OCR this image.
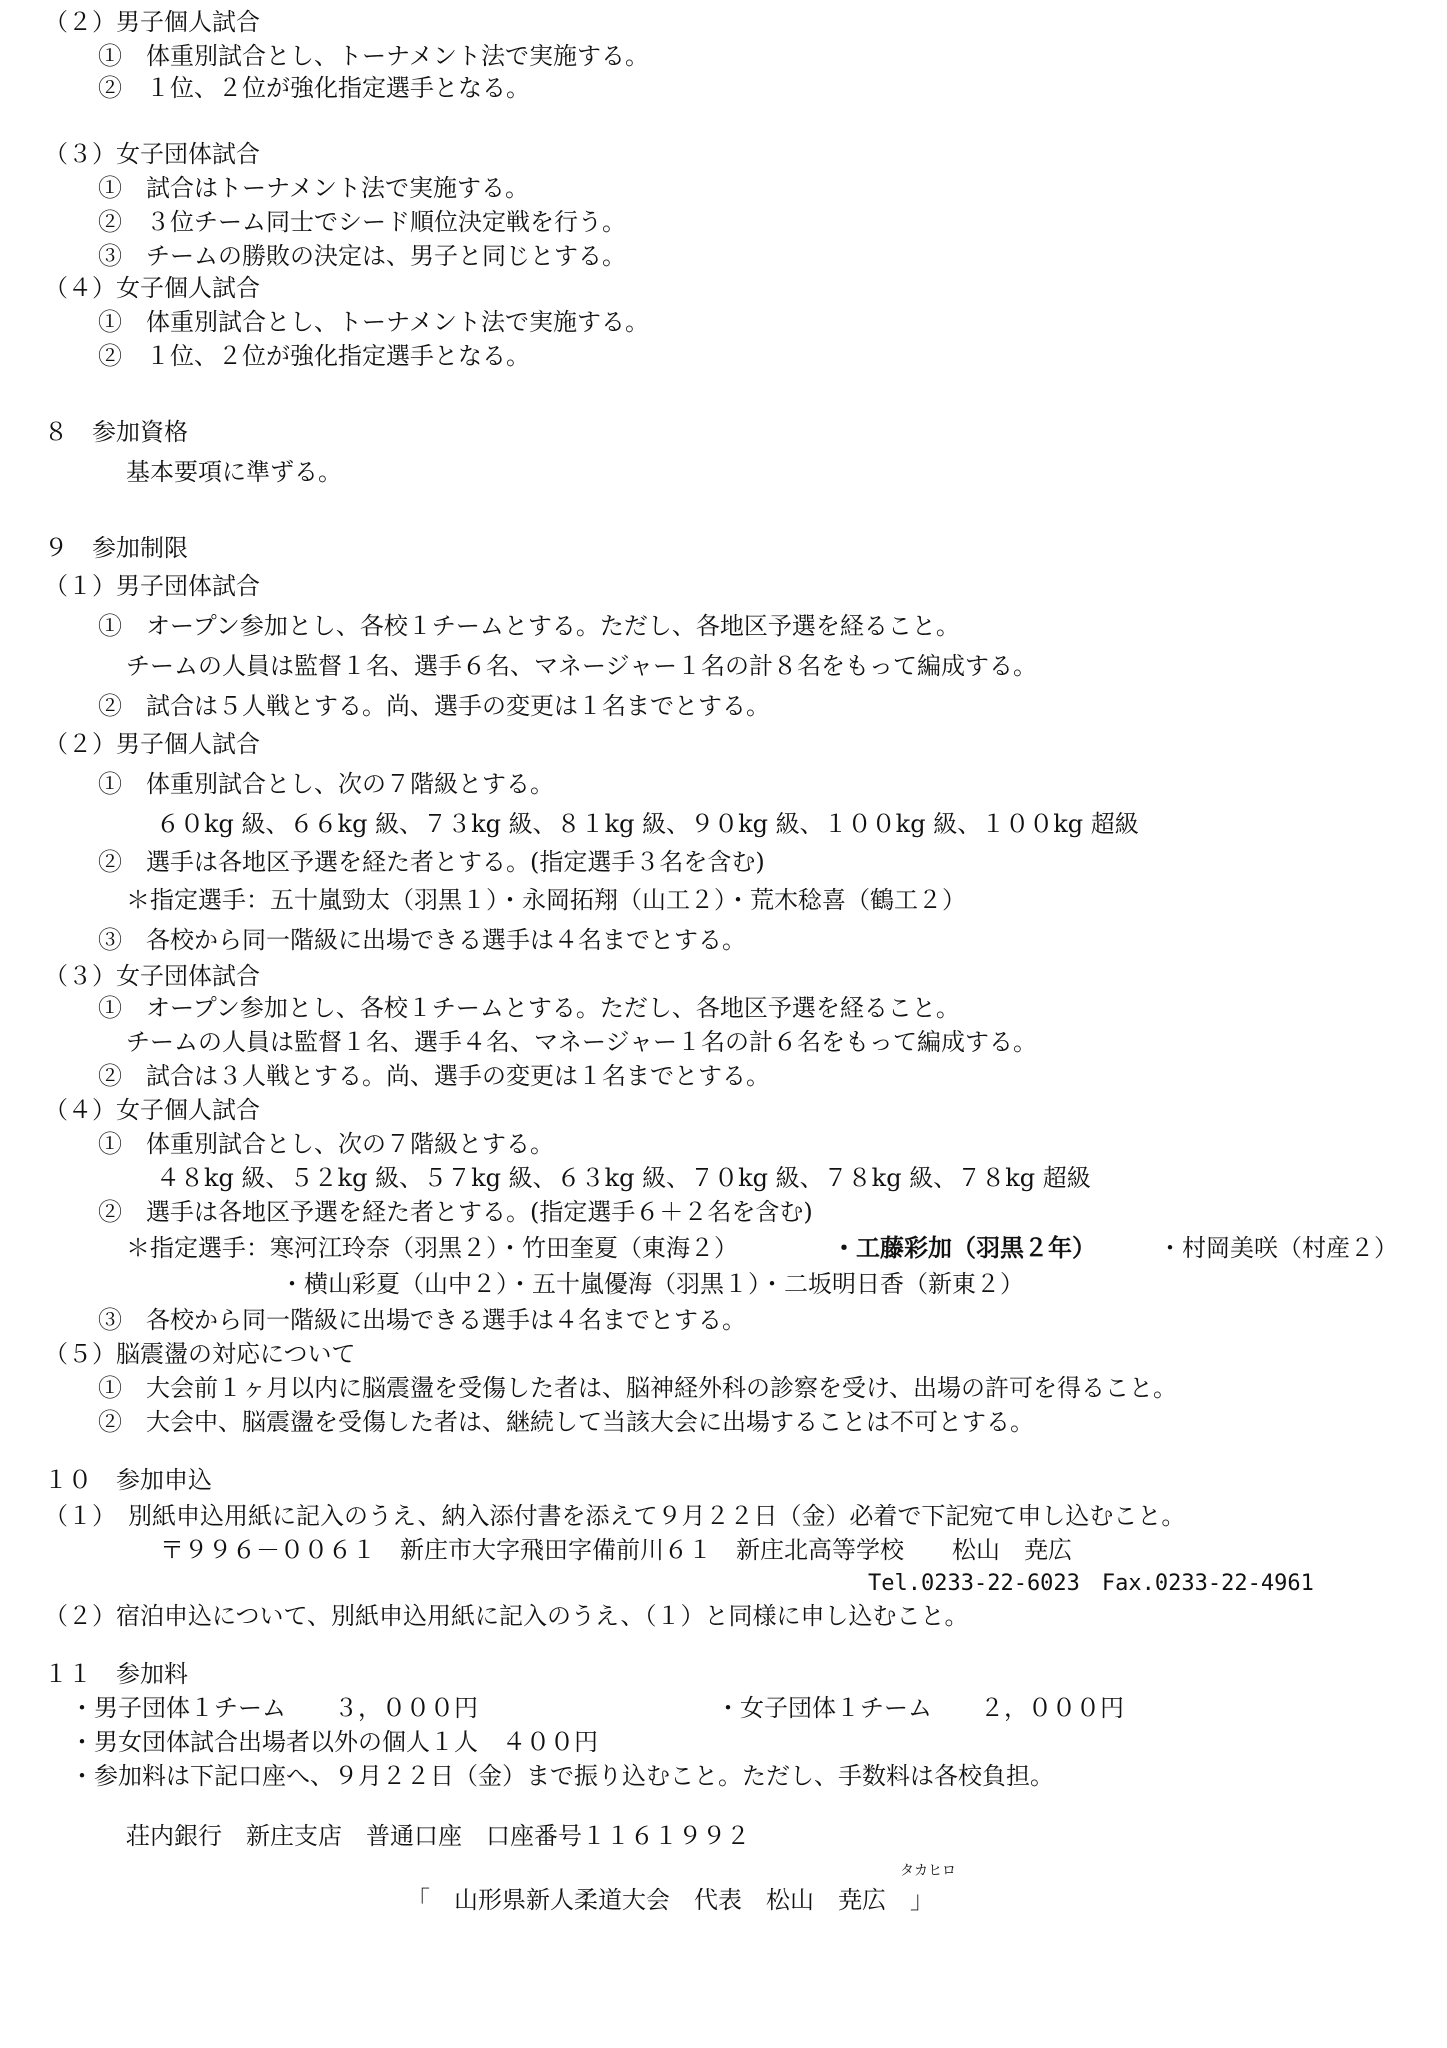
（２）男子個人試合
①　体重別試合とし、トーナメント法で実施する。
②　１位、２位が強化指定選手となる。
（３）女子団体試合
①　試合はトーナメント法で実施する。
②　３位チーム同士でシード順位決定戦を行う。
③　チームの勝敗の決定は、男子と同じとする。
（４）女子個人試合
①　体重別試合とし、トーナメント法で実施する。
②　１位、２位が強化指定選手となる。
８　参加資格
基本要項に準ずる。
９　参加制限
（１）男子団体試合
①　オープン参加とし、各校１チームとする。ただし、各地区予選を経ること。
チームの人員は監督１名、選手６名、マネージャー１名の計８名をもって編成する。
②　試合は５人戦とする。尚、選手の変更は１名までとする。
（２）男子個人試合
①　体重別試合とし、次の７階級とする。
６０kg 級、６６kg 級、７３kg 級、８１kg 級、９０kg 級、１００kg 級、１００kg 超級
②　選手は各地区予選を経た者とする。(指定選手３名を含む)
＊指定選手：五十嵐勁太（羽黒１）・永岡拓翔（山工２）・荒木稔喜（鶴工２）
③　各校から同一階級に出場できる選手は４名までとする。
（３）女子団体試合
①　オープン参加とし、各校１チームとする。ただし、各地区予選を経ること。
チームの人員は監督１名、選手４名、マネージャー１名の計６名をもって編成する。
②　試合は３人戦とする。尚、選手の変更は１名までとする。
（４）女子個人試合
①　体重別試合とし、次の７階級とする。
４８kg 級、５２kg 級、５７kg 級、６３kg 級、７０kg 級、７８kg 級、７８kg 超級
②　選手は各地区予選を経た者とする。(指定選手６＋２名を含む)
＊指定選手：寒河江玲奈（羽黒２）・竹田奎夏（東海２）	・工藤彩加（羽黒２年）	・村岡美咲（村産２）
・横山彩夏（山中２）・五十嵐優海（羽黒１）・二坂明日香（新東２）
③　各校から同一階級に出場できる選手は４名までとする。
（５）脳震盪の対応について
①　大会前１ヶ月以内に脳震盪を受傷した者は、脳神経外科の診察を受け、出場の許可を得ること。
②　大会中、脳震盪を受傷した者は、継続して当該大会に出場することは不可とする。
１０　参加申込
（１）　別紙申込用紙に記入のうえ、納入添付書を添えて９月２２日（金）必着で下記宛て申し込むこと。
〒９９６－００６１　新庄市大字飛田字備前川６１　新庄北高等学校　　松山　尭広
Tel.0233-22-6023　Fax.0233-22-4961
（２）宿泊申込について、別紙申込用紙に記入のうえ、（１）と同様に申し込むこと。
１１　参加料
・男子団体１チーム　　３，０００円	・女子団体１チーム　　２，０００円
・男女団体試合出場者以外の個人１人　４００円
・参加料は下記口座へ、９月２２日（金）まで振り込むこと。ただし、手数料は各校負担。
荘内銀行　新庄支店　普通口座　口座番号１１６１９９２
タカヒロ
「　山形県新人柔道大会　代表　松山　尭広　」
